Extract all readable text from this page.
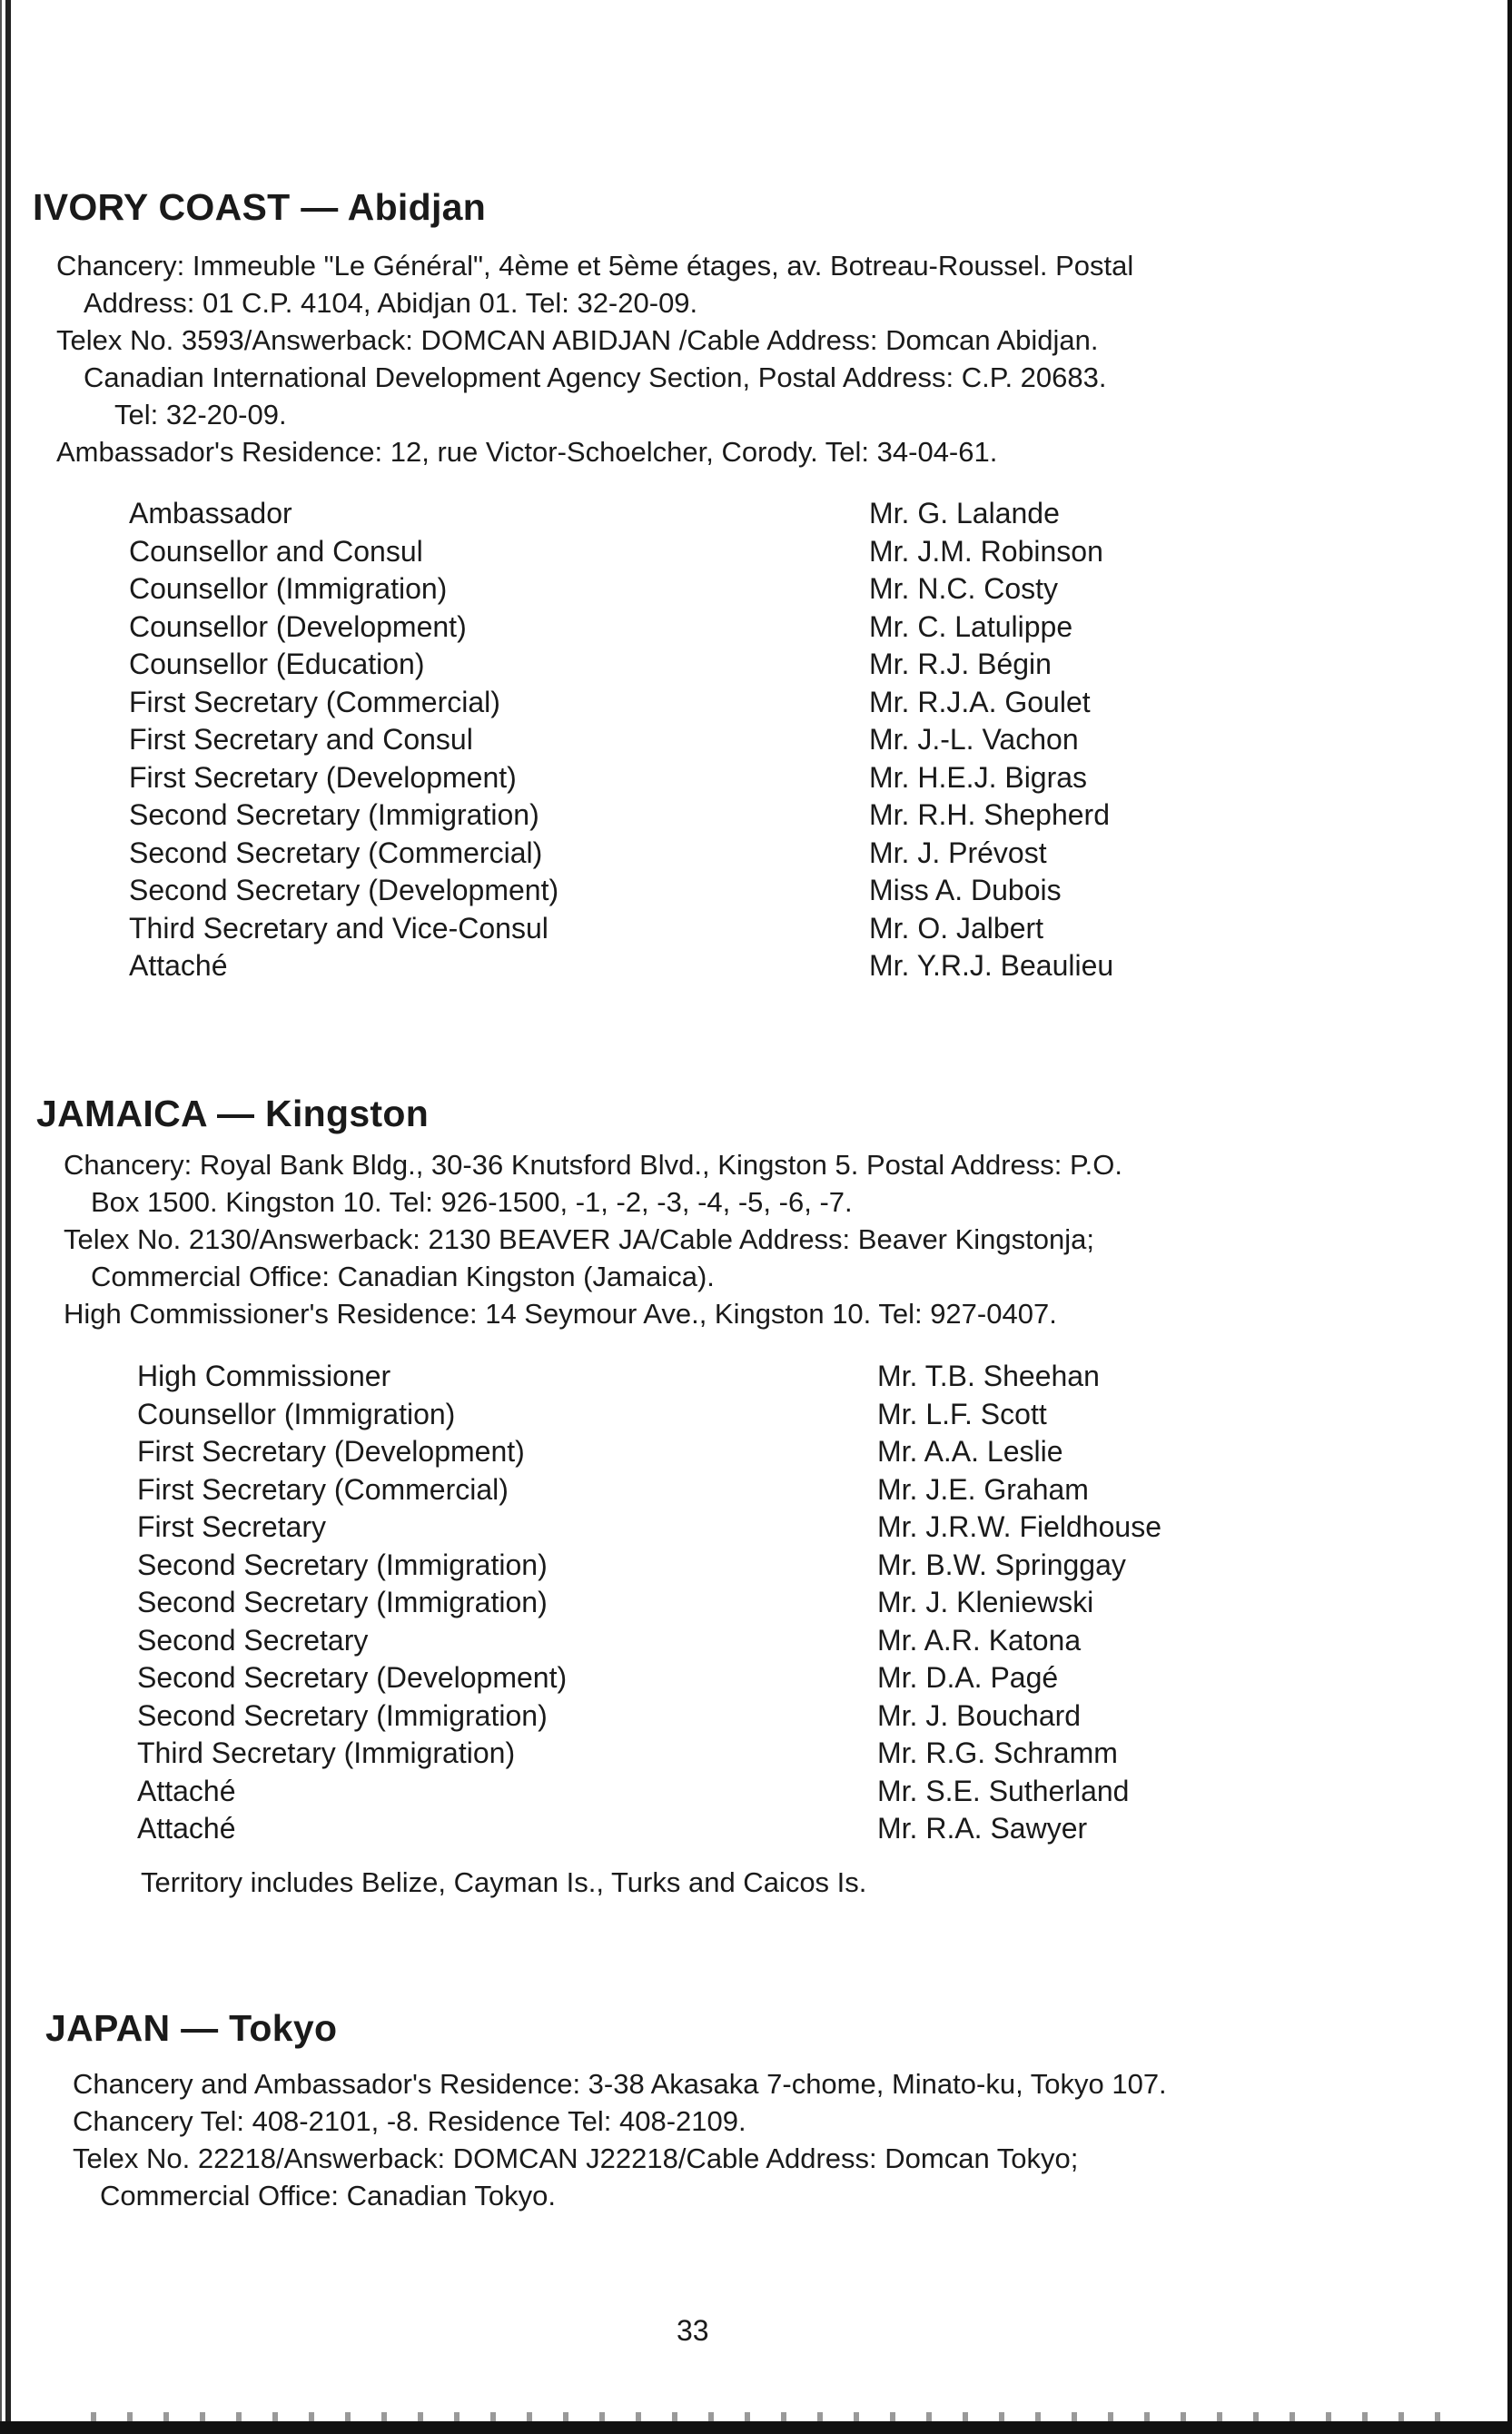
IVORY COAST — Abidjan
Chancery: Immeuble "Le Général", 4ème et 5ème étages, av. Botreau-Roussel. Postal
Address: 01 C.P. 4104, Abidjan 01. Tel: 32-20-09.
Telex No. 3593/Answerback: DOMCAN ABIDJAN /Cable Address: Domcan Abidjan.
Canadian International Development Agency Section, Postal Address: C.P. 20683.
Tel: 32-20-09.
Ambassador's Residence: 12, rue Victor-Schoelcher, Corody. Tel: 34-04-61.
Ambassador	Mr. G. Lalande
Counsellor and Consul	Mr. J.M. Robinson
Counsellor (Immigration)	Mr. N.C. Costy
Counsellor (Development)	Mr. C. Latulippe
Counsellor (Education)	Mr. R.J. Bégin
First Secretary (Commercial)	Mr. R.J.A. Goulet
First Secretary and Consul	Mr. J.-L. Vachon
First Secretary (Development)	Mr. H.E.J. Bigras
Second Secretary (Immigration)	Mr. R.H. Shepherd
Second Secretary (Commercial)	Mr. J. Prévost
Second Secretary (Development)	Miss A. Dubois
Third Secretary and Vice-Consul	Mr. O. Jalbert
Attaché	Mr. Y.R.J. Beaulieu
JAMAICA — Kingston
Chancery: Royal Bank Bldg., 30-36 Knutsford Blvd., Kingston 5. Postal Address: P.O.
Box 1500. Kingston 10. Tel: 926-1500, -1, -2, -3, -4, -5, -6, -7.
Telex No. 2130/Answerback: 2130 BEAVER JA/Cable Address: Beaver Kingstonja;
Commercial Office: Canadian Kingston (Jamaica).
High Commissioner's Residence: 14 Seymour Ave., Kingston 10. Tel: 927-0407.
High Commissioner	Mr. T.B. Sheehan
Counsellor (Immigration)	Mr. L.F. Scott
First Secretary (Development)	Mr. A.A. Leslie
First Secretary (Commercial)	Mr. J.E. Graham
First Secretary	Mr. J.R.W. Fieldhouse
Second Secretary (Immigration)	Mr. B.W. Springgay
Second Secretary (Immigration)	Mr. J. Kleniewski
Second Secretary	Mr. A.R. Katona
Second Secretary (Development)	Mr. D.A. Pagé
Second Secretary (Immigration)	Mr. J. Bouchard
Third Secretary (Immigration)	Mr. R.G. Schramm
Attaché	Mr. S.E. Sutherland
Attaché	Mr. R.A. Sawyer
Territory includes Belize, Cayman Is., Turks and Caicos Is.
JAPAN — Tokyo
Chancery and Ambassador's Residence: 3-38 Akasaka 7-chome, Minato-ku, Tokyo 107.
Chancery Tel: 408-2101, -8. Residence Tel: 408-2109.
Telex No. 22218/Answerback: DOMCAN J22218/Cable Address: Domcan Tokyo;
Commercial Office: Canadian Tokyo.
33
